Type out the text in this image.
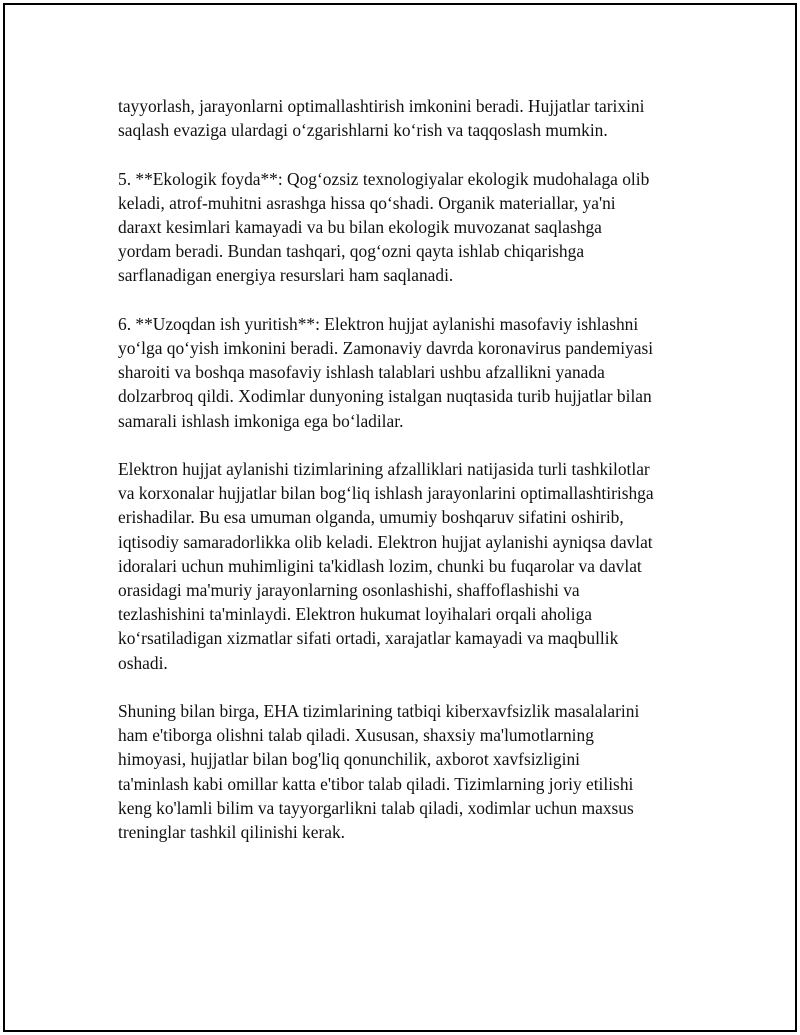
tayyorlash, jarayonlarni optimallashtirish imkonini beradi. Hujjatlar tarixini
saqlash evaziga ulardagi o‘zgarishlarni ko‘rish va taqqoslash mumkin.

5. **Ekologik foyda**: Qog‘ozsiz texnologiyalar ekologik mudohalaga olib
keladi, atrof-muhitni asrashga hissa qo‘shadi. Organik materiallar, ya'ni
daraxt kesimlari kamayadi va bu bilan ekologik muvozanat saqlashga
yordam beradi. Bundan tashqari, qog‘ozni qayta ishlab chiqarishga
sarflanadigan energiya resurslari ham saqlanadi.

6. **Uzoqdan ish yuritish**: Elektron hujjat aylanishi masofaviy ishlashni
yo‘lga qo‘yish imkonini beradi. Zamonaviy davrda koronavirus pandemiyasi
sharoiti va boshqa masofaviy ishlash talablari ushbu afzallikni yanada
dolzarbroq qildi. Xodimlar dunyoning istalgan nuqtasida turib hujjatlar bilan
samarali ishlash imkoniga ega bo‘ladilar.

Elektron hujjat aylanishi tizimlarining afzalliklari natijasida turli tashkilotlar
va korxonalar hujjatlar bilan bog‘liq ishlash jarayonlarini optimallashtirishga
erishadilar. Bu esa umuman olganda, umumiy boshqaruv sifatini oshirib,
iqtisodiy samaradorlikka olib keladi. Elektron hujjat aylanishi ayniqsa davlat
idoralari uchun muhimligini ta'kidlash lozim, chunki bu fuqarolar va davlat
orasidagi ma'muriy jarayonlarning osonlashishi, shaffoflashishi va
tezlashishini ta'minlaydi. Elektron hukumat loyihalari orqali aholiga
ko‘rsatiladigan xizmatlar sifati ortadi, xarajatlar kamayadi va maqbullik
oshadi.

Shuning bilan birga, EHA tizimlarining tatbiqi kiberxavfsizlik masalalarini
ham e'tiborga olishni talab qiladi. Xususan, shaxsiy ma'lumotlarning
himoyasi, hujjatlar bilan bog'liq qonunchilik, axborot xavfsizligini
ta'minlash kabi omillar katta e'tibor talab qiladi. Tizimlarning joriy etilishi
keng ko'lamli bilim va tayyorgarlikni talab qiladi, xodimlar uchun maxsus
treninglar tashkil qilinishi kerak.
